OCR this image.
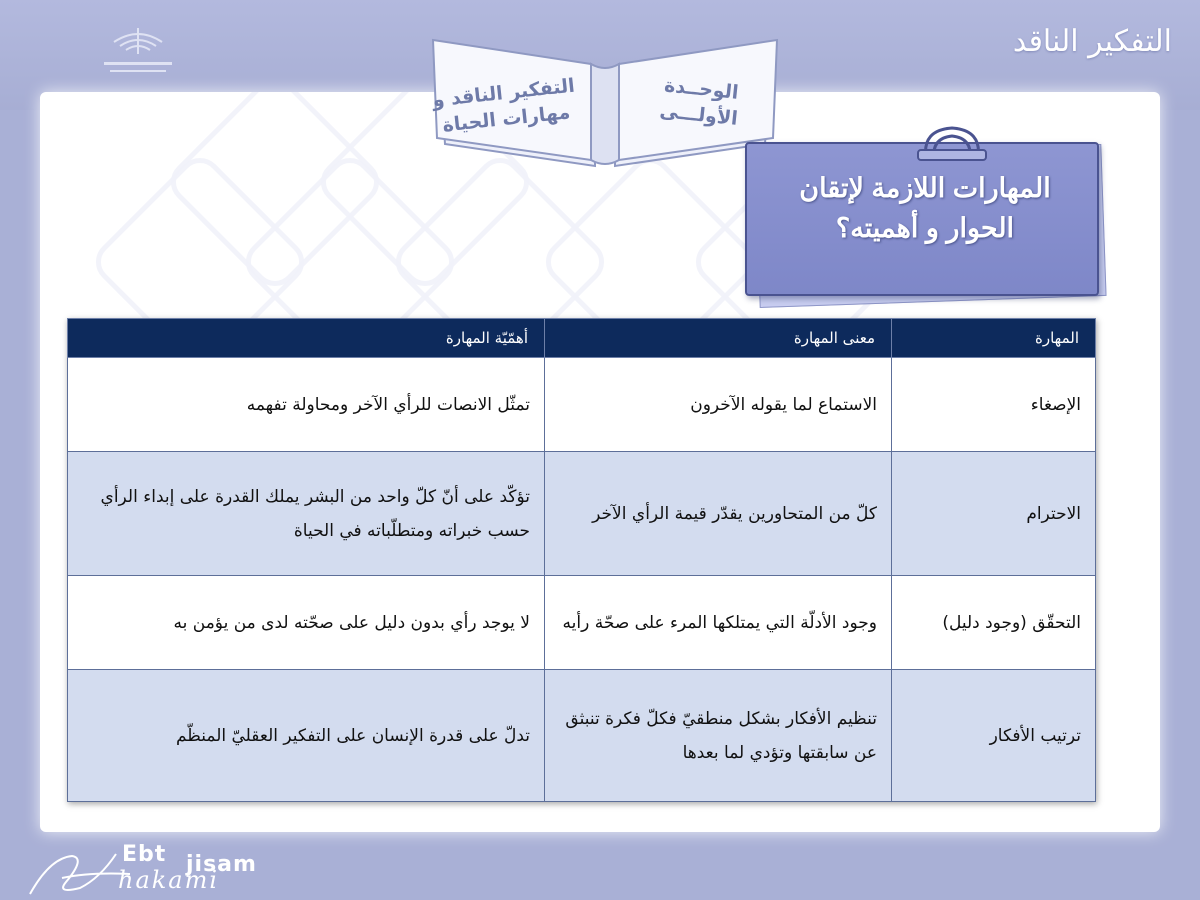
التفكير الناقد
التفكير الناقد و
مهارات الحياة
الوحــدة
الأولـــى
المهارات اللازمة لإتقان
الحوار و أهميته؟
المهارة	معنى المهارة	أهمّيّة المهارة
الإصغاء	الاستماع لما يقوله الآخرون	تمثّل الانصات للرأي الآخر ومحاولة تفهمه
الاحترام	كلّ من المتحاورين يقدّر قيمة الرأي الآخر	تؤكّد على أنّ كلّ واحد من البشر يملك القدرة على إبداء الرأي حسب خبراته ومتطلّباته في الحياة
التحقّق (وجود دليل)	وجود الأدلّة التي يمتلكها المرء على صحّة رأيه	لا يوجد رأي بدون دليل على صحّته لدى من يؤمن به
ترتيب الأفكار	تنظيم الأفكار بشكل منطقيّ فكلّ فكرة تنبثق عن سابقتها وتؤدي لما بعدها	تدلّ على قدرة الإنسان على التفكير العقليّ المنظّم
Ebt jisam
hakami
